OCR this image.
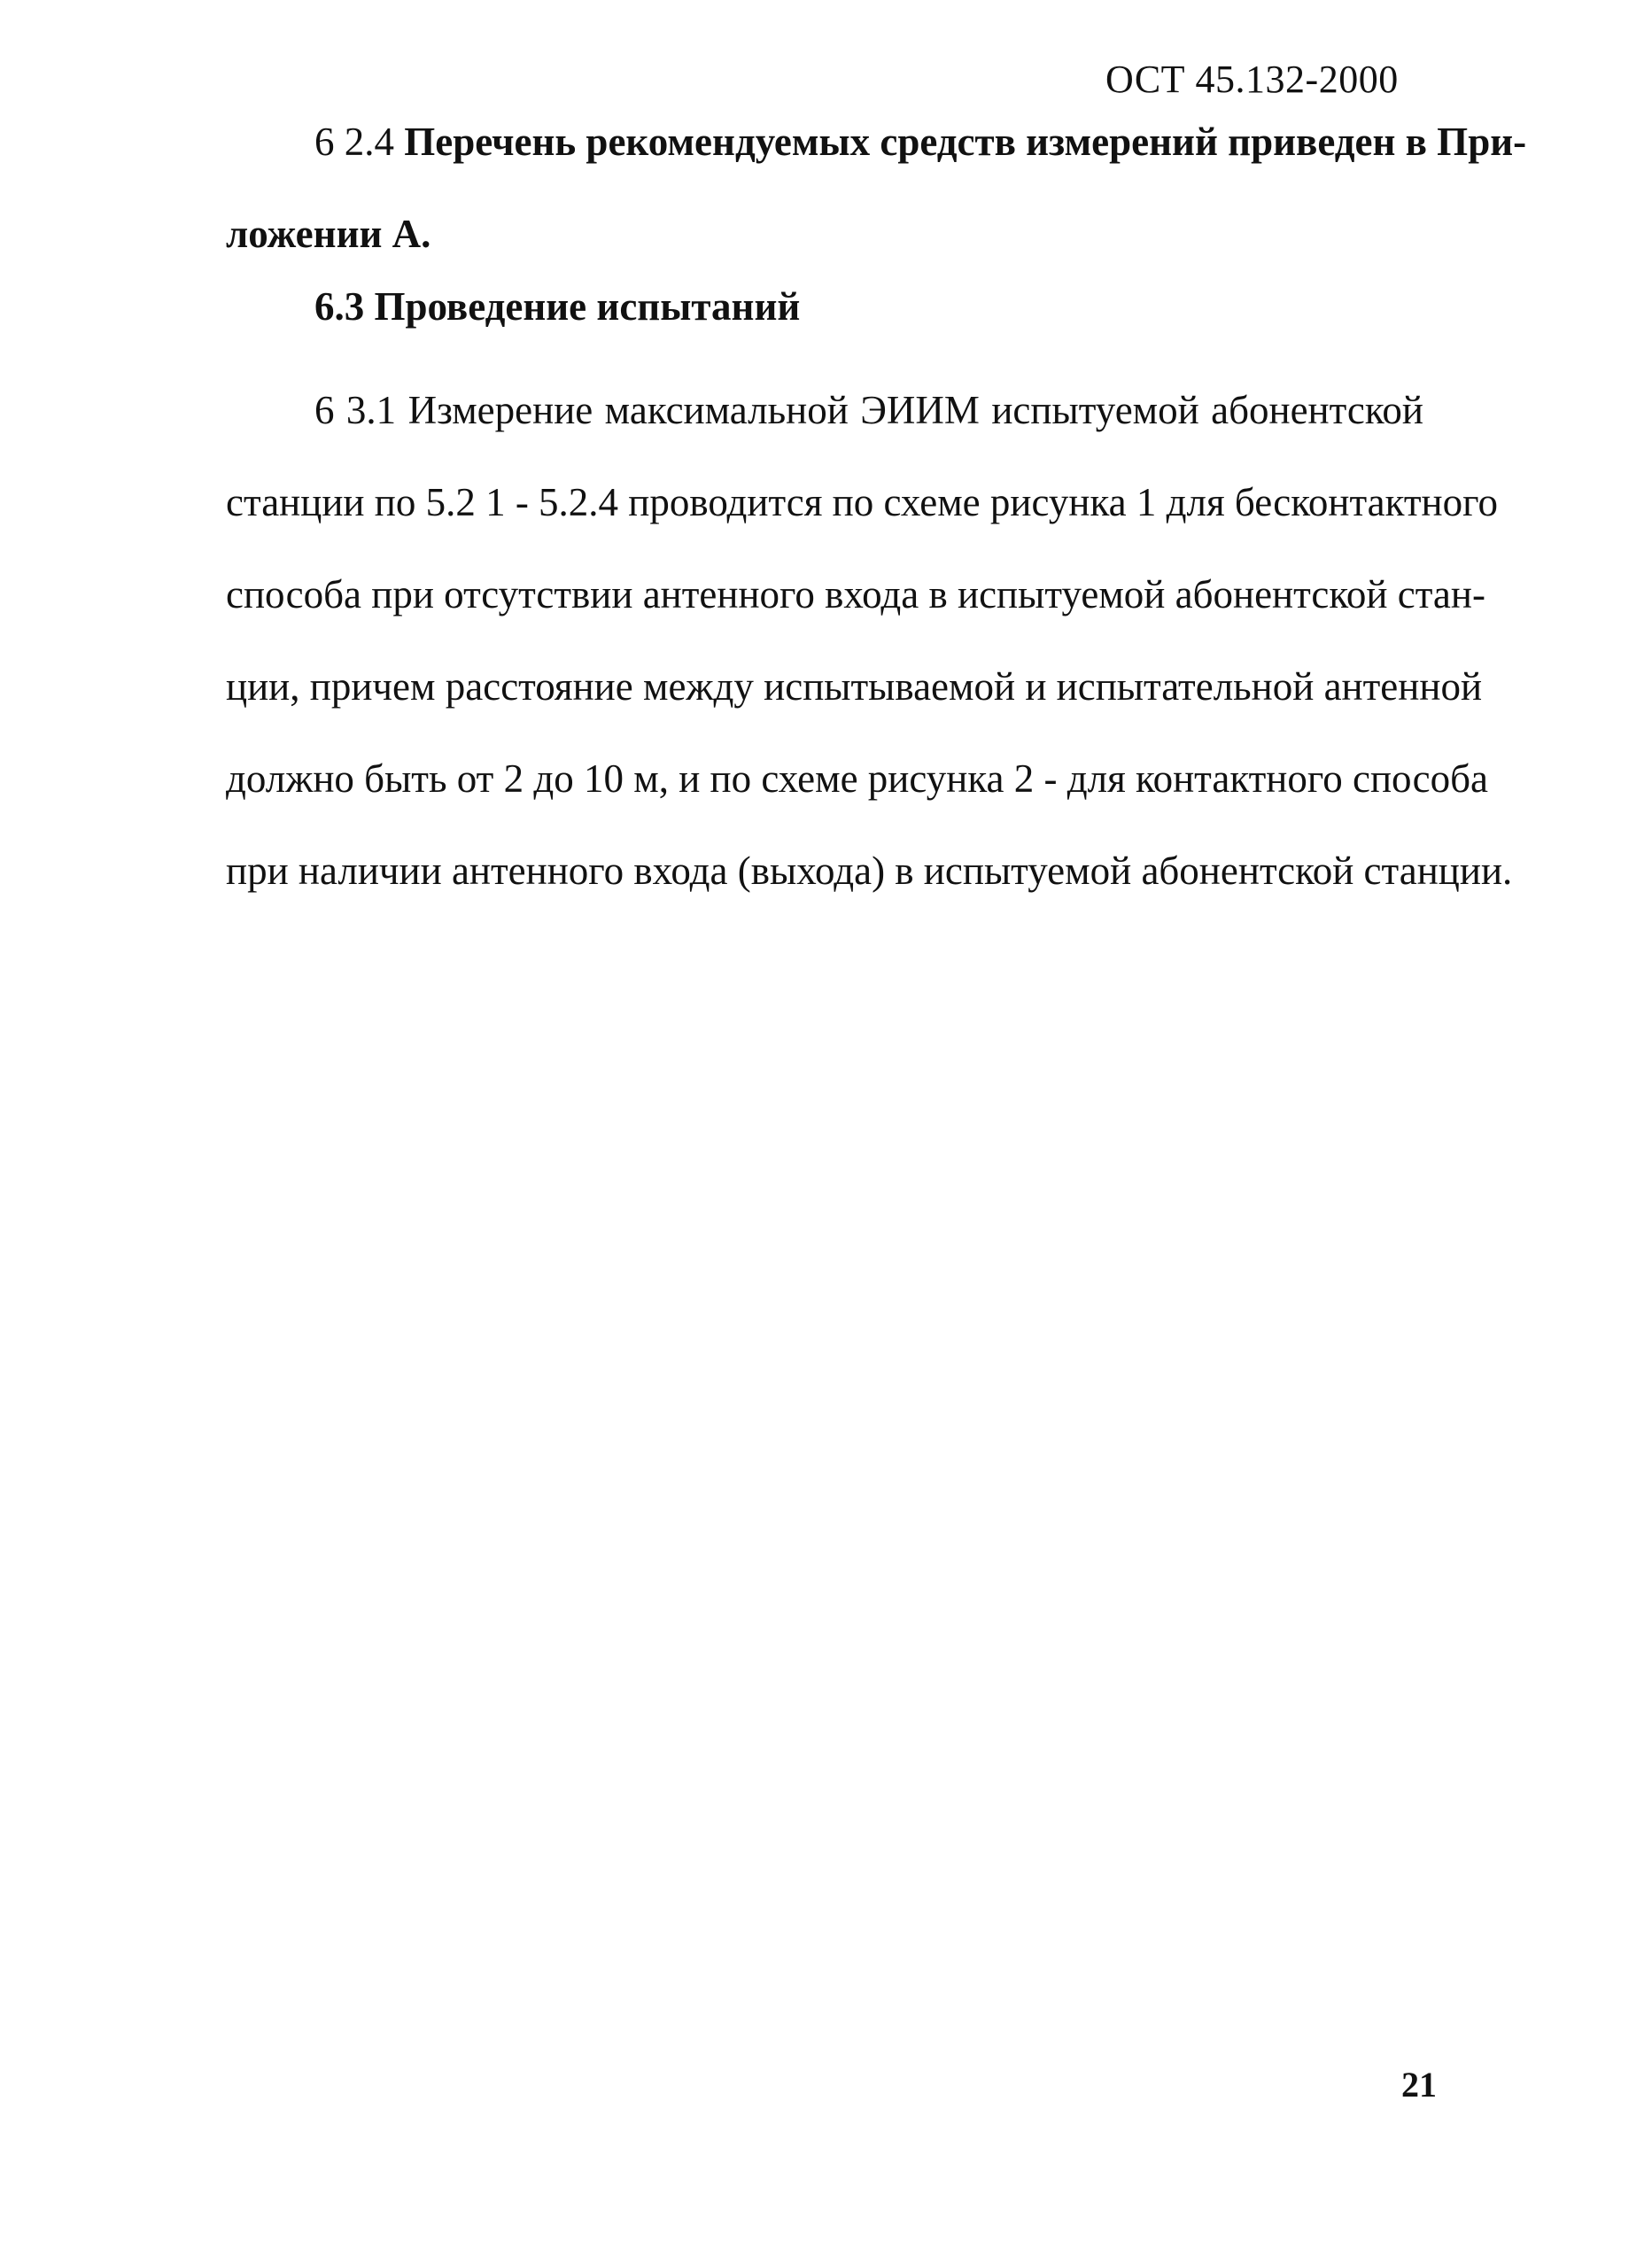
ОСТ 45.132-2000
6 2.4 Перечень рекомендуемых средств измерений приведен в При-
ложении А.
6.3 Проведение испытаний
6 3.1 Измерение максимальной ЭИИМ испытуемой абонентской
станции по 5.2 1 - 5.2.4 проводится по схеме рисунка 1 для бесконтактного
способа при отсутствии антенного входа в испытуемой абонентской стан-
ции, причем расстояние между испытываемой и испытательной антенной
должно быть от 2 до 10 м, и по схеме рисунка 2 - для контактного способа
при наличии антенного входа (выхода) в испытуемой абонентской станции.
21
